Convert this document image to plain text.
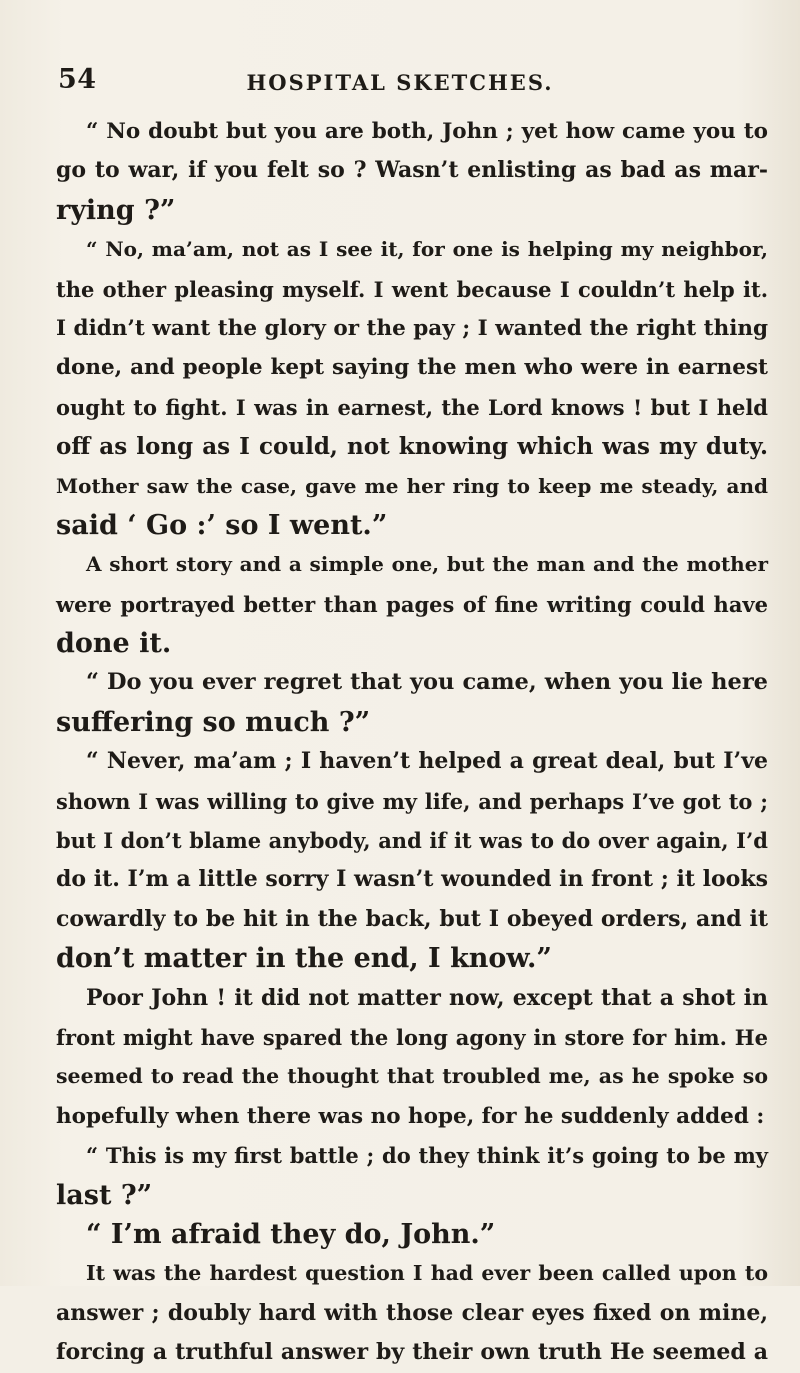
54	HOSPITAL SKETCHES.
“ No doubt but you are both, John ; yet how came you to
go to war, if you felt so ? Wasn’t enlisting as bad as mar-
rying ?”
“ No, ma’am, not as I see it, for one is helping my neighbor,
the other pleasing myself. I went because I couldn’t help it.
I didn’t want the glory or the pay ; I wanted the right thing
done, and people kept saying the men who were in earnest
ought to fight. I was in earnest, the Lord knows ! but I held
off as long as I could, not knowing which was my duty.
Mother saw the case, gave me her ring to keep me steady, and
said ‘ Go :’ so I went.”
A short story and a simple one, but the man and the mother
were portrayed better than pages of fine writing could have
done it.
“ Do you ever regret that you came, when you lie here
suffering so much ?”
“ Never, ma’am ; I haven’t helped a great deal, but I’ve
shown I was willing to give my life, and perhaps I’ve got to ;
but I don’t blame anybody, and if it was to do over again, I’d
do it. I’m a little sorry I wasn’t wounded in front ; it looks
cowardly to be hit in the back, but I obeyed orders, and it
don’t matter in the end, I know.”
Poor John ! it did not matter now, except that a shot in
front might have spared the long agony in store for him. He
seemed to read the thought that troubled me, as he spoke so
hopefully when there was no hope, for he suddenly added :
“ This is my first battle ; do they think it’s going to be my
last ?”
“ I’m afraid they do, John.”
It was the hardest question I had ever been called upon to
answer ; doubly hard with those clear eyes fixed on mine,
forcing a truthful answer by their own truth He seemed a
